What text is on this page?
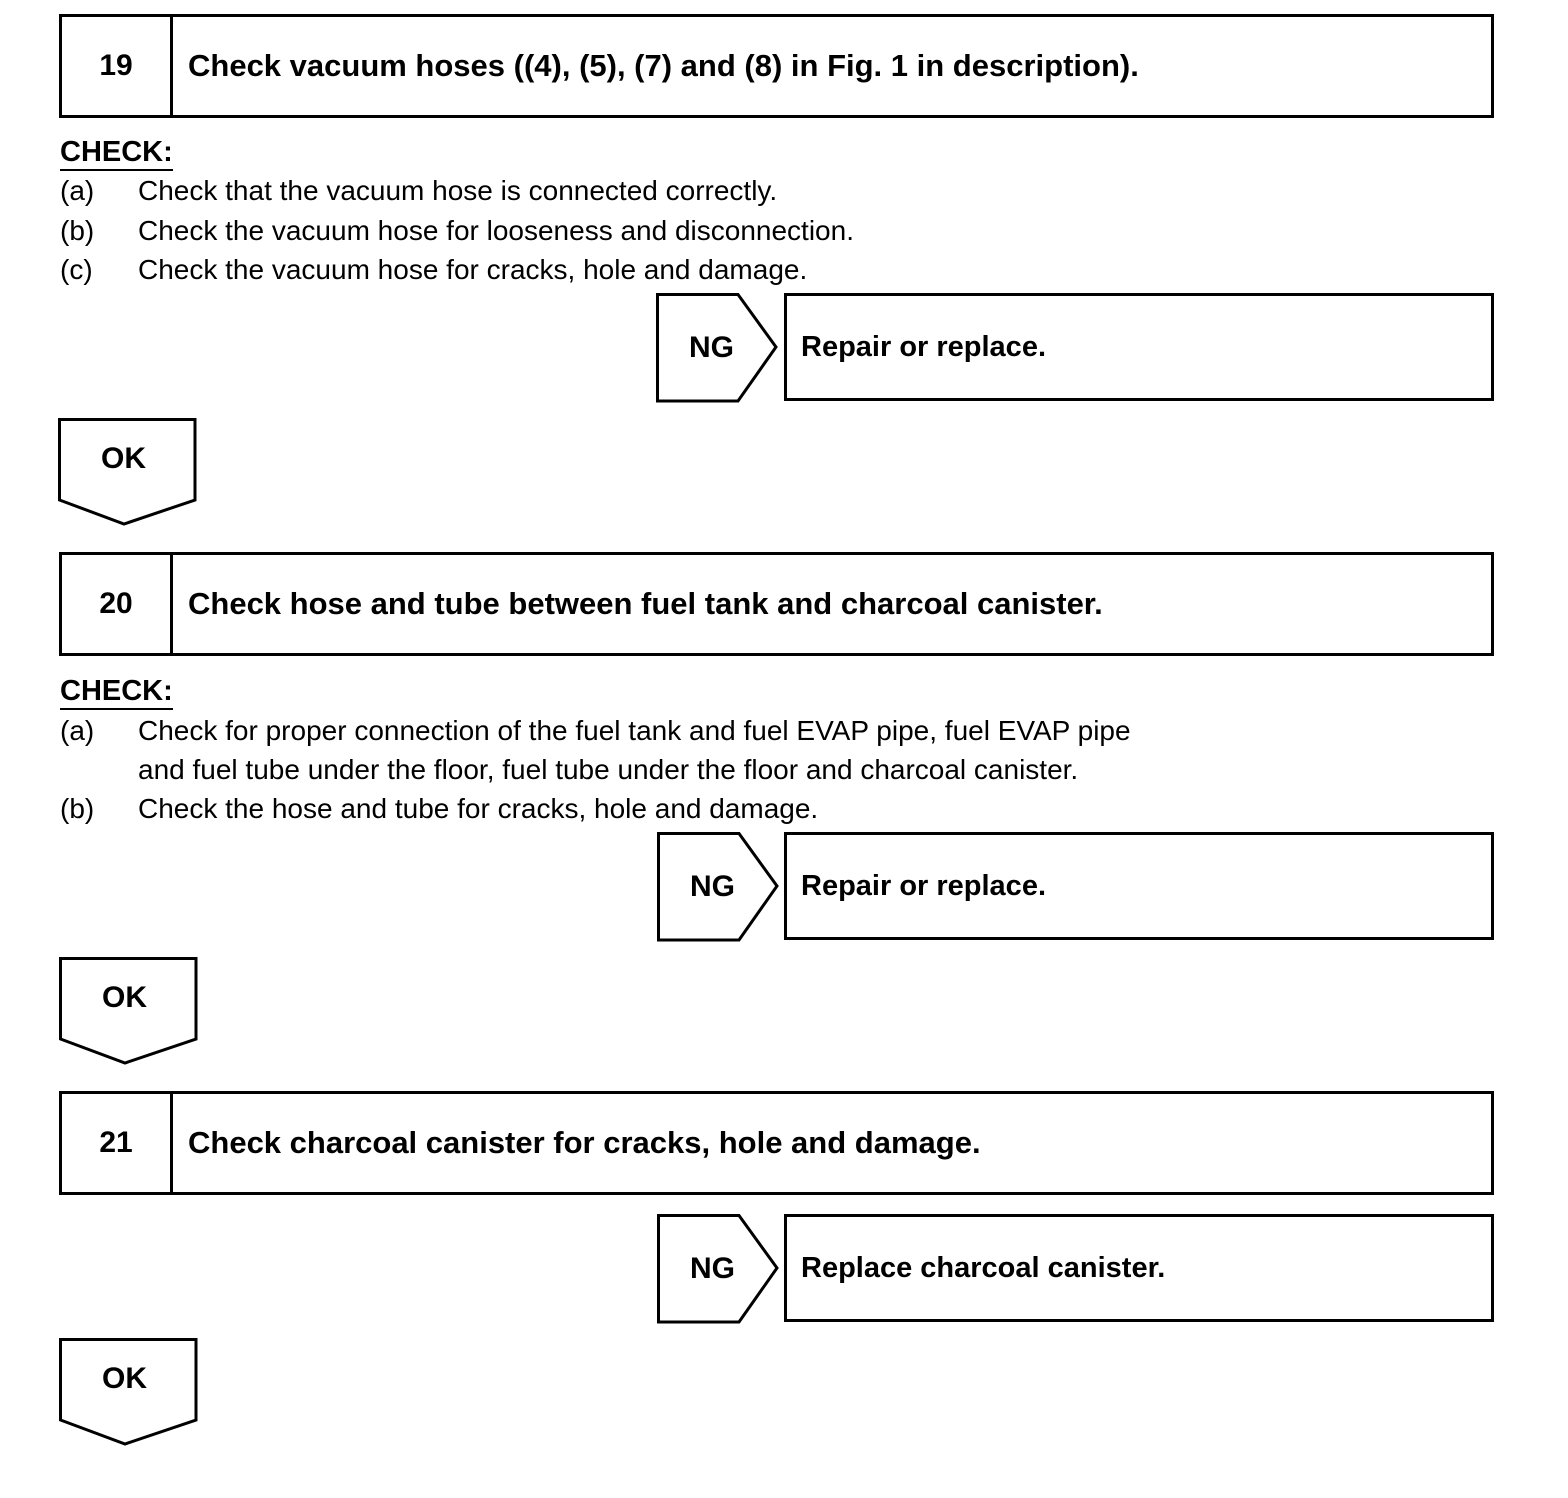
19	Check vacuum hoses ((4), (5), (7) and (8) in Fig. 1 in description).
CHECK:
(a) Check that the vacuum hose is connected correctly.
(b) Check the vacuum hose for looseness and disconnection.
(c) Check the vacuum hose for cracks, hole and damage.
NG Repair or replace.
OK
20	Check hose and tube between fuel tank and charcoal canister.
CHECK:
(a) Check for proper connection of the fuel tank and fuel EVAP pipe, fuel EVAP pipe
and fuel tube under the floor, fuel tube under the floor and charcoal canister.
(b) Check the hose and tube for cracks, hole and damage.
NG Repair or replace.
OK
21	Check charcoal canister for cracks, hole and damage.
NG Replace charcoal canister.
OK
